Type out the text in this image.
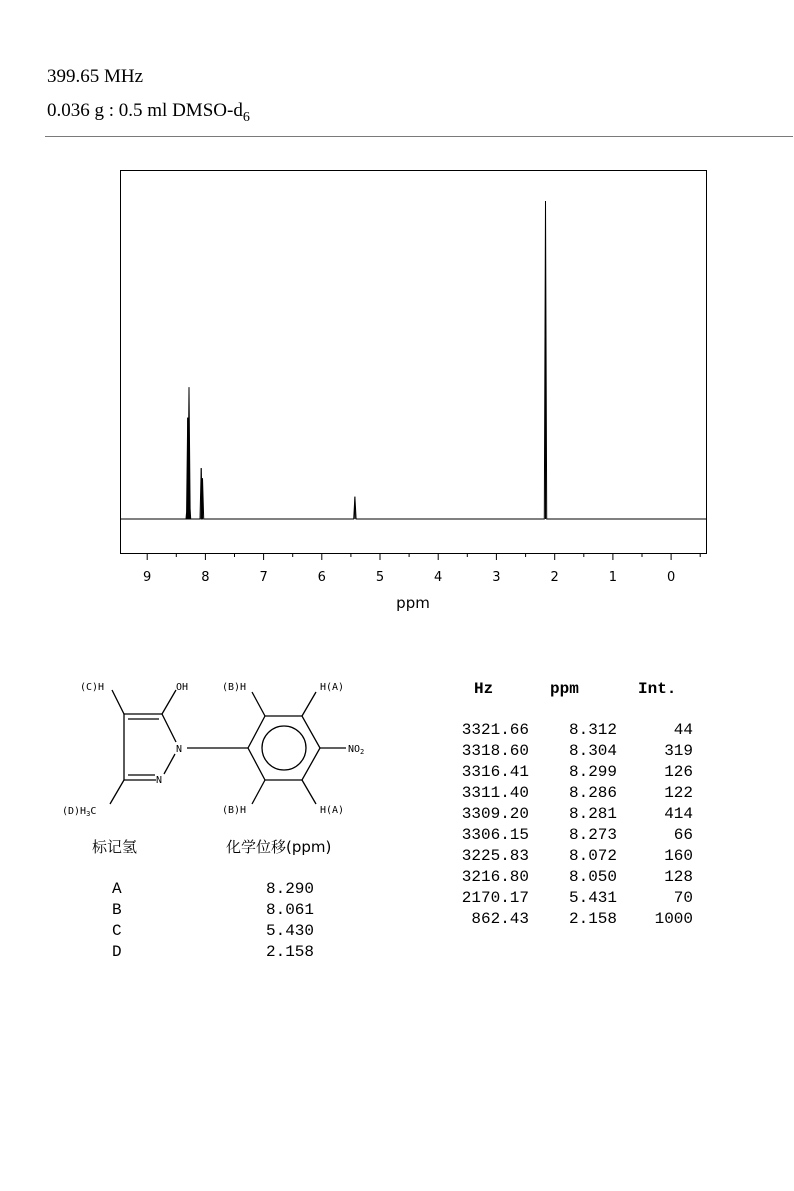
399.65 MHz
0.036 g : 0.5 ml DMSO-$d_6$
9	8	7	6	5	4	3	2	1	0
ppm
(C)H	OH
N
N
$(D)H_3C$
(B)H	H(A)
(B)H	H(A)
$NO_2$
标记氢	化学位移(ppm)
A	8.290
B	8.061
C	5.430
D	2.158
Hz	ppm	Int.
3321.66 8.312	44
3318.60 8.304	319
3316.41 8.299	126
3311.40 8.286	122
3309.20 8.281	414
3306.15 8.273	66
3225.83 8.072	160
3216.80 8.050	128
2170.17 5.431	70
862.43 2.158 1000
